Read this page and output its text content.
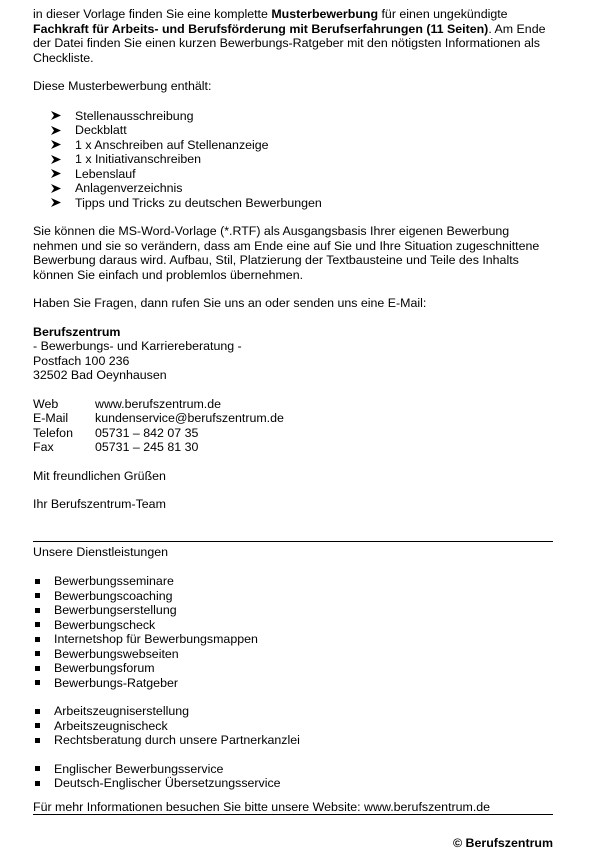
in dieser Vorlage finden Sie eine komplette Musterbewerbung für einen ungekündigte Fachkraft für Arbeits- und Berufsförderung mit Berufserfahrungen (11 Seiten). Am Ende der Datei finden Sie einen kurzen Bewerbungs-Ratgeber mit den nötigsten Informationen als Checkliste.

Diese Musterbewerbung enthält:

Stellenausschreibung
Deckblatt
1 x Anschreiben auf Stellenanzeige
1 x Initiativanschreiben
Lebenslauf
Anlagenverzeichnis
Tipps und Tricks zu deutschen Bewerbungen

Sie können die MS-Word-Vorlage (*.RTF) als Ausgangsbasis Ihrer eigenen Bewerbung nehmen und sie so verändern, dass am Ende eine auf Sie und Ihre Situation zugeschnittene Bewerbung daraus wird. Aufbau, Stil, Platzierung der Textbausteine und Teile des Inhalts können Sie einfach und problemlos übernehmen.

Haben Sie Fragen, dann rufen Sie uns an oder senden uns eine E-Mail:

Berufszentrum

- Bewerbungs- und Karriereberatung -

Postfach 100 236

32502 Bad Oeynhausen

Web	www.berufszentrum.de
E-Mail	kundenservice@berufszentrum.de
Telefon	05731 – 842 07 35
Fax	05731 – 245 81 30

Mit freundlichen Grüßen

Ihr Berufszentrum-Team

Unsere Dienstleistungen

Bewerbungsseminare
Bewerbungscoaching
Bewerbungserstellung
Bewerbungscheck
Internetshop für Bewerbungsmappen
Bewerbungswebseiten
Bewerbungsforum
Bewerbungs-Ratgeber
Arbeitszeugniserstellung
Arbeitszeugnischeck
Rechtsberatung durch unsere Partnerkanzlei
Englischer Bewerbungsservice
Deutsch-Englischer Übersetzungsservice

Für mehr Informationen besuchen Sie bitte unsere Website: www.berufszentrum.de

© Berufszentrum
